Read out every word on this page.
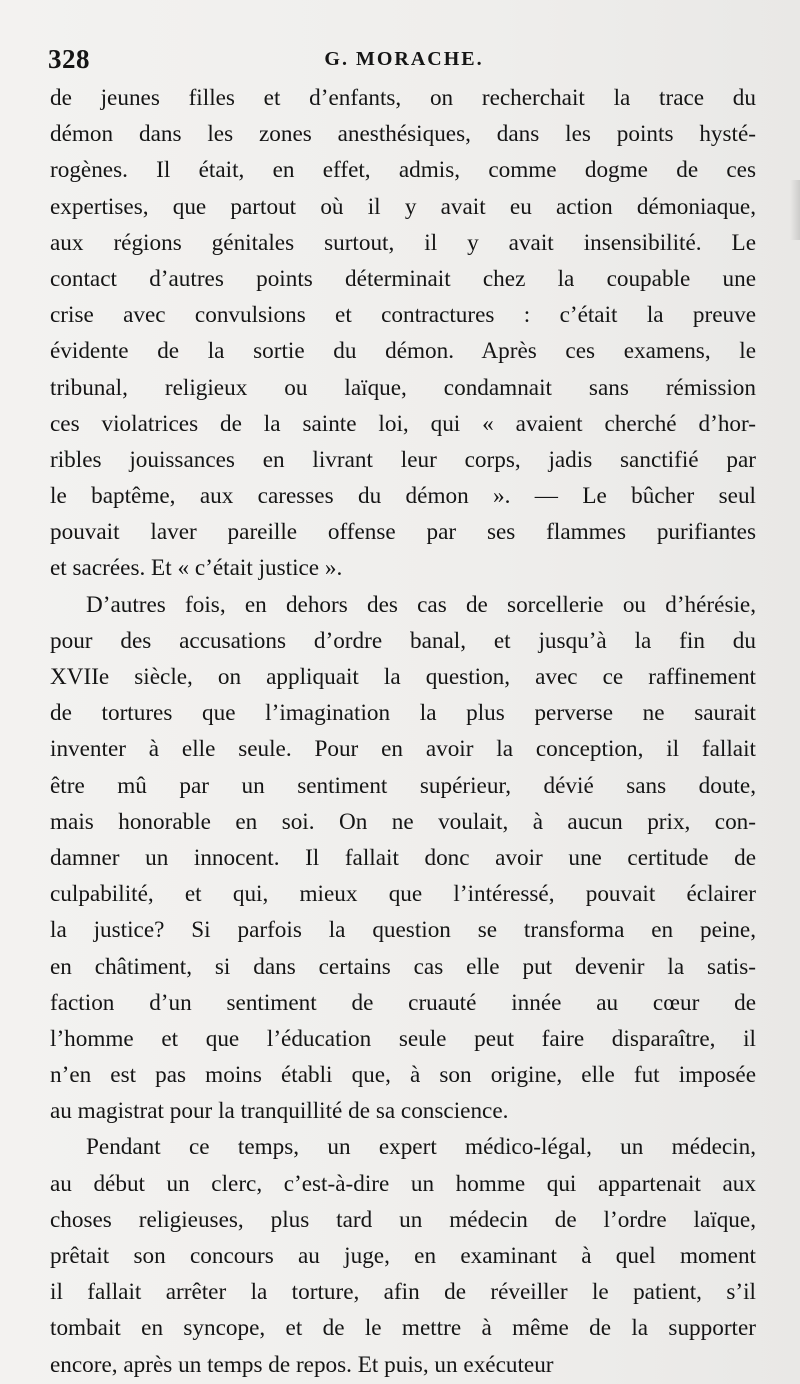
328	G. MORACHE.
de jeunes filles et d’enfants, on recherchait la trace du
démon dans les zones anesthésiques, dans les points hysté-
rogènes. Il était, en effet, admis, comme dogme de ces
expertises, que partout où il y avait eu action démoniaque,
aux régions génitales surtout, il y avait insensibilité. Le
contact d’autres points déterminait chez la coupable une
crise avec convulsions et contractures : c’était la preuve
évidente de la sortie du démon. Après ces examens, le
tribunal, religieux ou laïque, condamnait sans rémission
ces violatrices de la sainte loi, qui « avaient cherché d’hor-
ribles jouissances en livrant leur corps, jadis sanctifié par
le baptême, aux caresses du démon ». — Le bûcher seul
pouvait laver pareille offense par ses flammes purifiantes
et sacrées. Et « c’était justice ».
D’autres fois, en dehors des cas de sorcellerie ou d’hérésie,
pour des accusations d’ordre banal, et jusqu’à la fin du
XVIIe siècle, on appliquait la question, avec ce raffinement
de tortures que l’imagination la plus perverse ne saurait
inventer à elle seule. Pour en avoir la conception, il fallait
être mû par un sentiment supérieur, dévié sans doute,
mais honorable en soi. On ne voulait, à aucun prix, con-
damner un innocent. Il fallait donc avoir une certitude de
culpabilité, et qui, mieux que l’intéressé, pouvait éclairer
la justice? Si parfois la question se transforma en peine,
en châtiment, si dans certains cas elle put devenir la satis-
faction d’un sentiment de cruauté innée au cœur de
l’homme et que l’éducation seule peut faire disparaître, il
n’en est pas moins établi que, à son origine, elle fut imposée
au magistrat pour la tranquillité de sa conscience.
Pendant ce temps, un expert médico-légal, un médecin,
au début un clerc, c’est-à-dire un homme qui appartenait aux
choses religieuses, plus tard un médecin de l’ordre laïque,
prêtait son concours au juge, en examinant à quel moment
il fallait arrêter la torture, afin de réveiller le patient, s’il
tombait en syncope, et de le mettre à même de la supporter
encore, après un temps de repos. Et puis, un exécuteur
